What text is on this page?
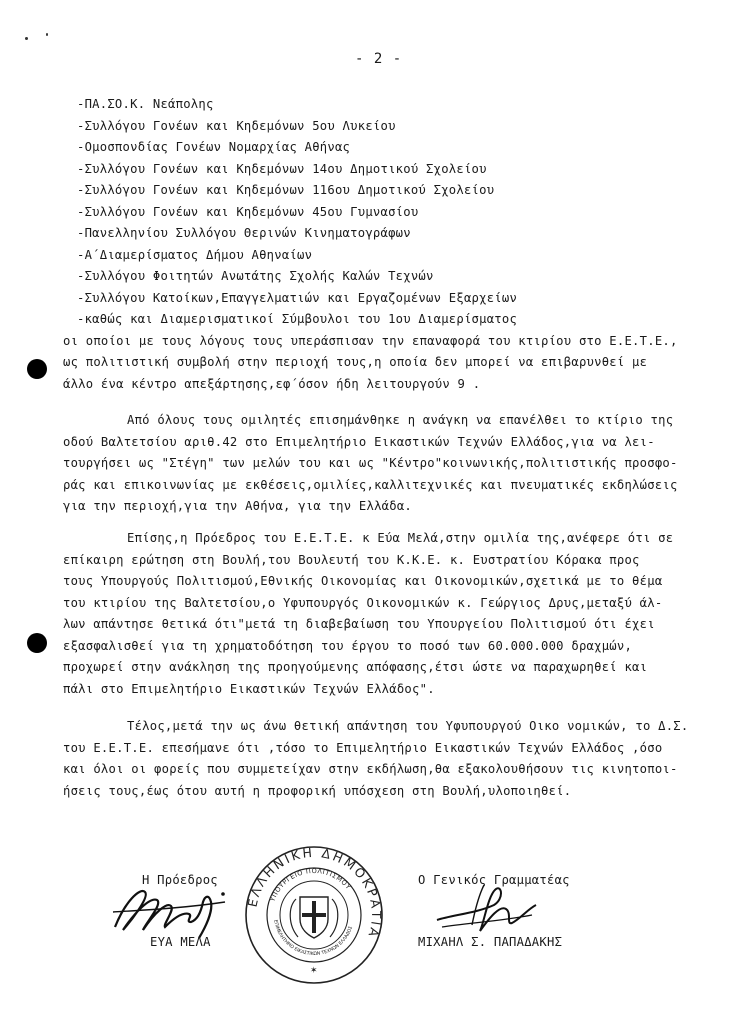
- 2 -
-ΠΑ.ΣΟ.Κ. Νεάπολης
-Συλλόγου Γονέων και Κηδεμόνων 5ου Λυκείου
-Ομοσπονδίας Γονέων Νομαρχίας Αθήνας
-Συλλόγου Γονέων και Κηδεμόνων 14ου Δημοτικού Σχολείου
-Συλλόγου Γονέων και Κηδεμόνων 116ου Δημοτικού Σχολείου
-Συλλόγου Γονέων και Κηδεμόνων 45ου Γυμνασίου
-Πανελληνίου Συλλόγου Θερινών Κινηματογράφων
-Α΄Διαμερίσματος Δήμου Αθηναίων
-Συλλόγου Φοιτητών Ανωτάτης Σχολής Καλών Τεχνών
-Συλλόγου Κατοίκων,Επαγγελματιών και Εργαζομένων Εξαρχείων
-καθώς και Διαμερισματικοί Σύμβουλοι του 1ου Διαμερίσματος
οι οποίοι με τους λόγους τους υπεράσπισαν την επαναφορά του κτιρίου στο Ε.Ε.Τ.Ε.,
ως πολιτιστική συμβολή στην περιοχή τους,η οποία δεν μπορεί να επιβαρυνθεί με
άλλο ένα κέντρο απεξάρτησης,εφ΄όσον ήδη λειτουργούν 9 .
Από όλους τους ομιλητές επισημάνθηκε η ανάγκη να επανέλθει το κτίριο της
οδού Βαλτετσίου αριθ.42 στο Επιμελητήριο Εικαστικών Τεχνών Ελλάδος,για να λει-
τουργήσει ως "Στέγη" των μελών του και ως "Κέντρο"κοινωνικής,πολιτιστικής προσφο-
ράς και επικοινωνίας με εκθέσεις,ομιλίες,καλλιτεχνικές και πνευματικές εκδηλώσεις
για την περιοχή,για την Αθήνα, για την Ελλάδα.
Επίσης,η Πρόεδρος του Ε.Ε.Τ.Ε. κ Εύα Μελά,στην ομιλία της,ανέφερε ότι σε
επίκαιρη ερώτηση στη Βουλή,του Βουλευτή του Κ.Κ.Ε. κ. Ευστρατίου Κόρακα προς
τους Υπουργούς Πολιτισμού,Εθνικής Οικονομίας και Οικονομικών,σχετικά με το θέμα
του κτιρίου της Βαλτετσίου,ο Υφυπουργός Οικονομικών κ. Γεώργιος Δρυς,μεταξύ άλ-
λων απάντησε θετικά ότι"μετά τη διαβεβαίωση του Υπουργείου Πολιτισμού ότι έχει
εξασφαλισθεί για τη χρηματοδότηση του έργου το ποσό των 60.000.000 δραχμών,
προχωρεί στην ανάκληση της προηγούμενης απόφασης,έτσι ώστε να παραχωρηθεί και
πάλι στο Επιμελητήριο Εικαστικών Τεχνών Ελλάδος".
Τέλος,μετά την ως άνω θετική απάντηση του Υφυπουργού Οικο νομικών, το Δ.Σ.
του Ε.Ε.Τ.Ε. επεσήμανε ότι ,τόσο το Επιμελητήριο Εικαστικών Τεχνών Ελλάδος ,όσο
και όλοι οι φορείς που συμμετείχαν στην εκδήλωση,θα εξακολουθήσουν τις κινητοποι-
ήσεις τους,έως ότου αυτή η προφορική υπόσχεση στη Βουλή,υλοποιηθεί.
Η Πρόεδρος
ΕΥΑ ΜΕΛΑ
ΕΛΛΗΝΙΚΗ ΔΗΜΟΚΡΑΤΙΑ
ΥΠΟΥΡΓΕΙΟ ΠΟΛΙΤΙΣΜΟΥ
ΕΠΙΜΕΛΗΤΗΡΙΟ ΕΙΚΑΣΤΙΚΩΝ ΤΕΧΝΩΝ ΕΛΛΑΔΟΣ
✶
Ο Γενικός Γραμματέας
ΜΙΧΑΗΛ Σ. ΠΑΠΑΔΑΚΗΣ
